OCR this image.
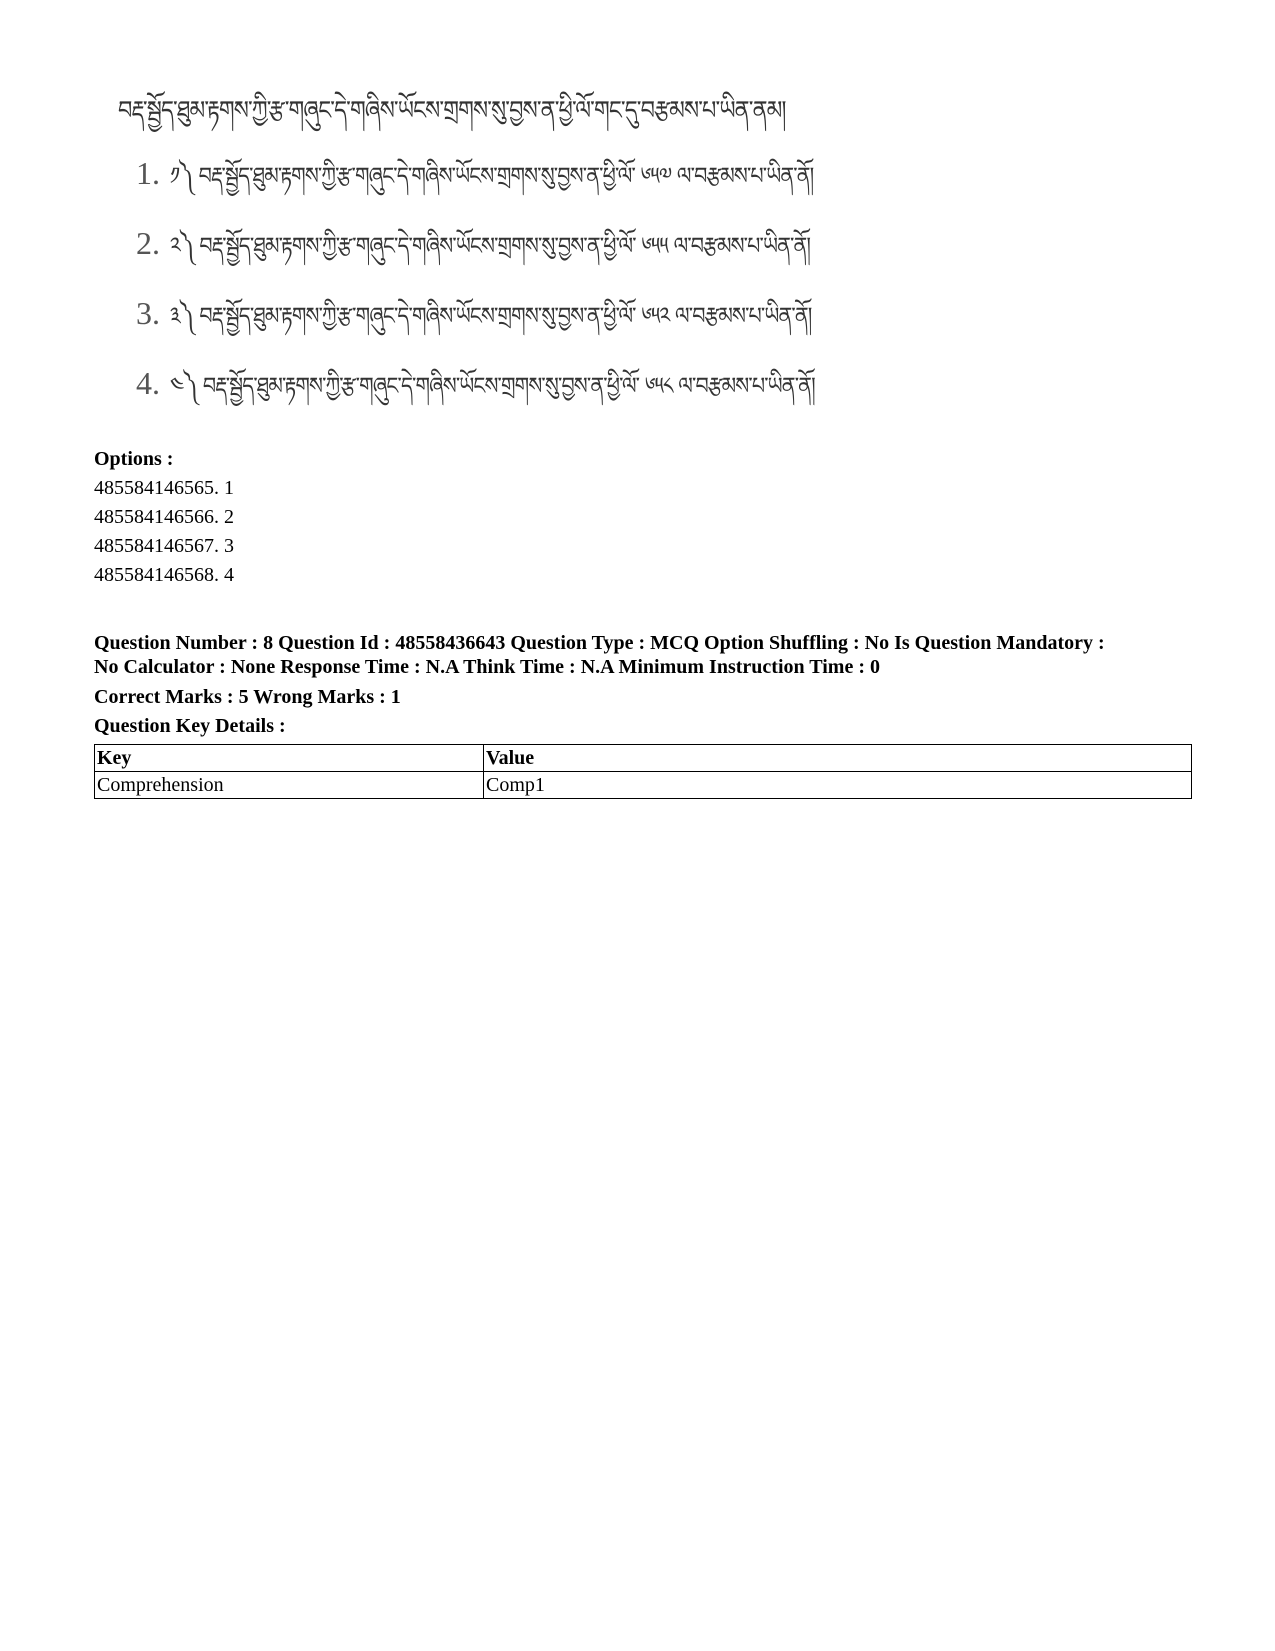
བརྡ་སྦྱོད་ཐུམ་རྟགས་ཀྱི་རྩ་གཞུང་དེ་གཞིས་ཡོངས་གྲགས་སུ་བྱས་ན་ཕྱི་ལོ་གང་དུ་བརྩམས་པ་ཡིན་ནམ།
1. ༡༽ བརྡ་སྦྱོད་ཐུམ་རྟགས་ཀྱི་རྩ་གཞུང་དེ་གཞིས་ཡོངས་གྲགས་སུ་བྱས་ན་ཕྱི་ལོ་ ༦༥༧ ལ་བརྩམས་པ་ཡིན་ནོ།
2. ༢༽ བརྡ་སྦྱོད་ཐུམ་རྟགས་ཀྱི་རྩ་གཞུང་དེ་གཞིས་ཡོངས་གྲགས་སུ་བྱས་ན་ཕྱི་ལོ་ ༦༥༥ ལ་བརྩམས་པ་ཡིན་ནོ།
3. ༣༽ བརྡ་སྦྱོད་ཐུམ་རྟགས་ཀྱི་རྩ་གཞུང་དེ་གཞིས་ཡོངས་གྲགས་སུ་བྱས་ན་ཕྱི་ལོ་ ༦༥༢ ལ་བརྩམས་པ་ཡིན་ནོ།
4. ༤༽ བརྡ་སྦྱོད་ཐུམ་རྟགས་ཀྱི་རྩ་གཞུང་དེ་གཞིས་ཡོངས་གྲགས་སུ་བྱས་ན་ཕྱི་ལོ་ ༦༥༨ ལ་བརྩམས་པ་ཡིན་ནོ།
Options :
485584146565. 1
485584146566. 2
485584146567. 3
485584146568. 4
Question Number : 8 Question Id : 48558436643 Question Type : MCQ Option Shuffling : No Is Question Mandatory :
No Calculator : None Response Time : N.A Think Time : N.A Minimum Instruction Time : 0
Correct Marks : 5 Wrong Marks : 1
Question Key Details :
Key	Value
Comprehension	Comp1
